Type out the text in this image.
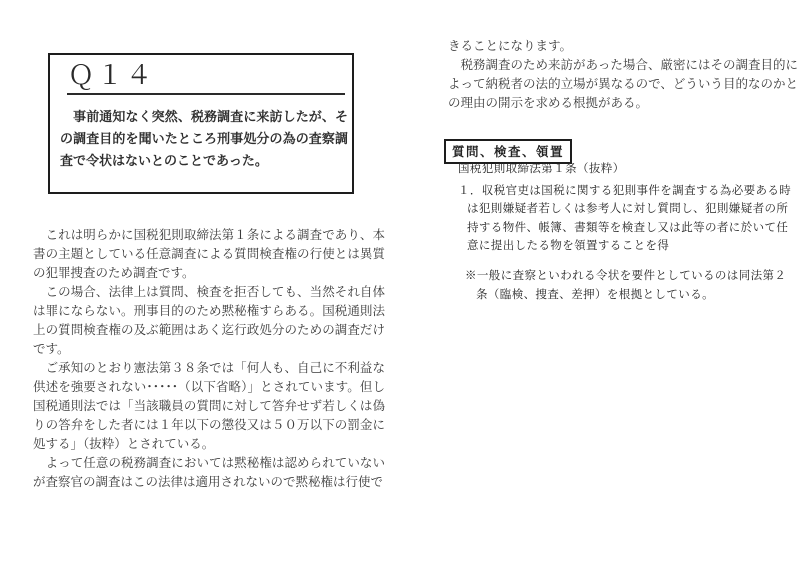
Ｑ１４
　事前通知なく突然、税務調査に来訪したが、その調査目的を聞いたところ刑事処分の為の査察調査で令状はないとのことであった。

　これは明らかに国税犯則取締法第１条による調査であり、本書の主題としている任意調査による質問検査権の行使とは異質の犯罪捜査のため調査です。

　この場合、法律上は質問、検査を拒否しても、当然それ自体は罪にならない。刑事目的のため黙秘権すらある。国税通則法上の質問検査権の及ぶ範囲はあく迄行政処分のための調査だけです。

　ご承知のとおり憲法第３８条では「何人も、自己に不利益な供述を強要されない･････（以下省略）」とされています。但し国税通則法では「当該職員の質問に対して答弁せず若しくは偽りの答弁をした者には１年以下の懲役又は５０万以下の罰金に処する」（抜粋）とされている。

　よって任意の税務調査においては黙秘権は認められていないが査察官の調査はこの法律は適用されないので黙秘権は行使で

きることになります。

　税務調査のため来訪があった場合、厳密にはその調査目的によって納税者の法的立場が異なるので、どういう目的なのかとの理由の開示を求める根拠がある。

質問、検査、領置

国税犯則取締法第１条（抜粋）

１．収税官吏は国税に関する犯則事件を調査する為必要ある時は犯則嫌疑者若しくは参考人に対し質問し、犯則嫌疑者の所持する物件、帳簿、書類等を検査し又は此等の者に於いて任意に提出したる物を領置することを得

※一般に査察といわれる令状を要件としているのは同法第２条（臨検、捜査、差押）を根拠としている。
